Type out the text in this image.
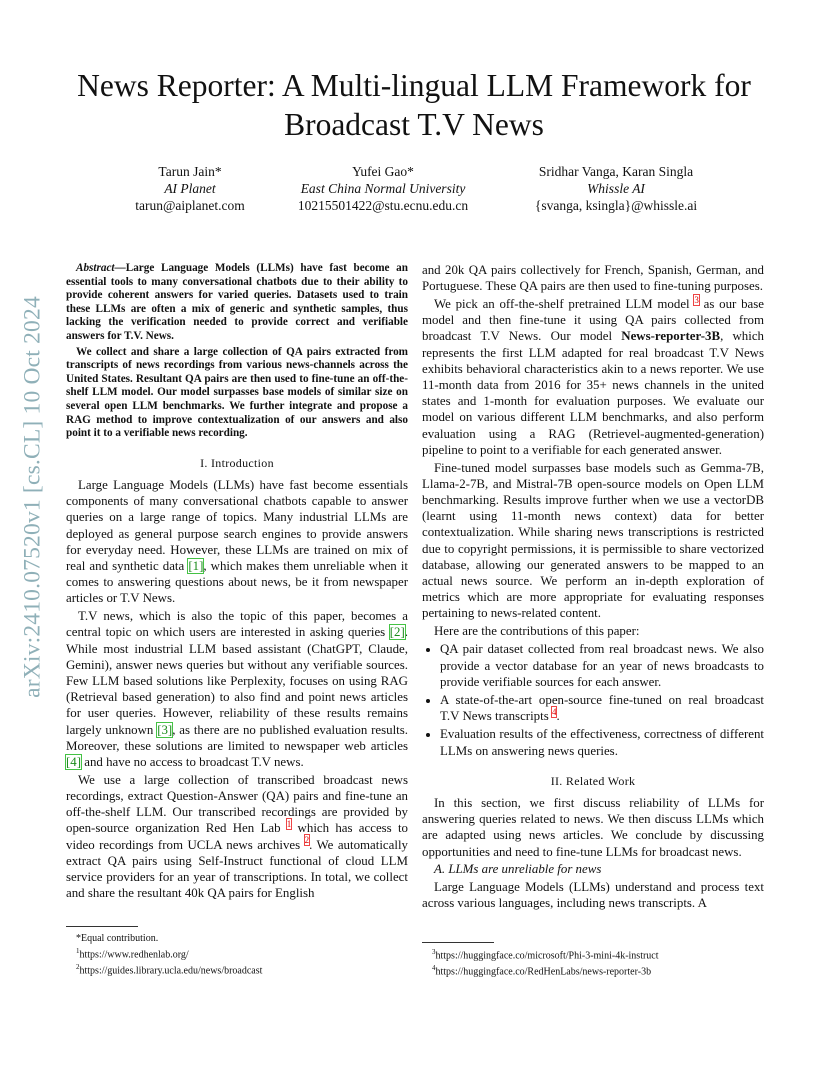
arXiv:2410.07520v1 [cs.CL] 10 Oct 2024
News Reporter: A Multi-lingual LLM Framework for Broadcast T.V News
Tarun Jain*
AI Planet
tarun@aiplanet.com
Yufei Gao*
East China Normal University
10215501422@stu.ecnu.edu.cn
Sridhar Vanga, Karan Singla
Whissle AI
{svanga, ksingla}@whissle.ai

Abstract—Large Language Models (LLMs) have fast become an essential tools to many conversational chatbots due to their ability to provide coherent answers for varied queries. Datasets used to train these LLMs are often a mix of generic and synthetic samples, thus lacking the verification needed to provide correct and verifiable answers for T.V. News.

We collect and share a large collection of QA pairs extracted from transcripts of news recordings from various news-channels across the United States. Resultant QA pairs are then used to fine-tune an off-the-shelf LLM model. Our model surpasses base models of similar size on several open LLM benchmarks. We further integrate and propose a RAG method to improve contextualization of our answers and also point it to a verifiable news recording.

I. Introduction

Large Language Models (LLMs) have fast become essentials components of many conversational chatbots capable to answer queries on a large range of topics. Many industrial LLMs are deployed as general purpose search engines to provide answers for everyday need. However, these LLMs are trained on mix of real and synthetic data [1], which makes them unreliable when it comes to answering questions about news, be it from newspaper articles or T.V News.

T.V news, which is also the topic of this paper, becomes a central topic on which users are interested in asking queries [2]. While most industrial LLM based assistant (ChatGPT, Claude, Gemini), answer news queries but without any verifiable sources. Few LLM based solutions like Perplexity, focuses on using RAG (Retrieval based generation) to also find and point news articles for user queries. However, reliability of these results remains largely unknown [3], as there are no published evaluation results. Moreover, these solutions are limited to newspaper web articles [4] and have no access to broadcast T.V news.

We use a large collection of transcribed broadcast news recordings, extract Question-Answer (QA) pairs and fine-tune an off-the-shelf LLM. Our transcribed recordings are provided by open-source organization Red Hen Lab $^1$ which has access to video recordings from UCLA news archives $^2$. We automatically extract QA pairs using Self-Instruct functional of cloud LLM service providers for an year of transcriptions. In total, we collect and share the resultant 40k QA pairs for English

*Equal contribution.
$^1$https://www.redhenlab.org/
$^2$https://guides.library.ucla.edu/news/broadcast

and 20k QA pairs collectively for French, Spanish, German, and Portuguese. These QA pairs are then used to fine-tuning purposes.

We pick an off-the-shelf pretrained LLM model $^3$ as our base model and then fine-tune it using QA pairs collected from broadcast T.V News. Our model News-reporter-3B, which represents the first LLM adapted for real broadcast T.V News exhibits behavioral characteristics akin to a news reporter. We use 11-month data from 2016 for 35+ news channels in the united states and 1-month for evaluation purposes. We evaluate our model on various different LLM benchmarks, and also perform evaluation using a RAG (Retrievel-augmented-generation) pipeline to point to a verifiable for each generated answer.

Fine-tuned model surpasses base models such as Gemma-7B, Llama-2-7B, and Mistral-7B open-source models on Open LLM benchmarking. Results improve further when we use a vectorDB (learnt using 11-month news context) data for better contextualization. While sharing news transcriptions is restricted due to copyright permissions, it is permissible to share vectorized database, allowing our generated answers to be mapped to an actual news source. We perform an in-depth exploration of metrics which are more appropriate for evaluating responses pertaining to news-related content.

Here are the contributions of this paper:

• QA pair dataset collected from real broadcast news. We also provide a vector database for an year of news broadcasts to provide verifiable sources for each answer.
• A state-of-the-art open-source fine-tuned on real broadcast T.V News transcripts $^4$.
• Evaluation results of the effectiveness, correctness of different LLMs on answering news queries.
II. Related Work

In this section, we first discuss reliability of LLMs for answering queries related to news. We then discuss LLMs which are adapted using news articles. We conclude by discussing opportunities and need to fine-tune LLMs for broadcast news.

A. LLMs are unreliable for news

Large Language Models (LLMs) understand and process text across various languages, including news transcripts. A

$^3$https://huggingface.co/microsoft/Phi-3-mini-4k-instruct
$^4$https://huggingface.co/RedHenLabs/news-reporter-3b
